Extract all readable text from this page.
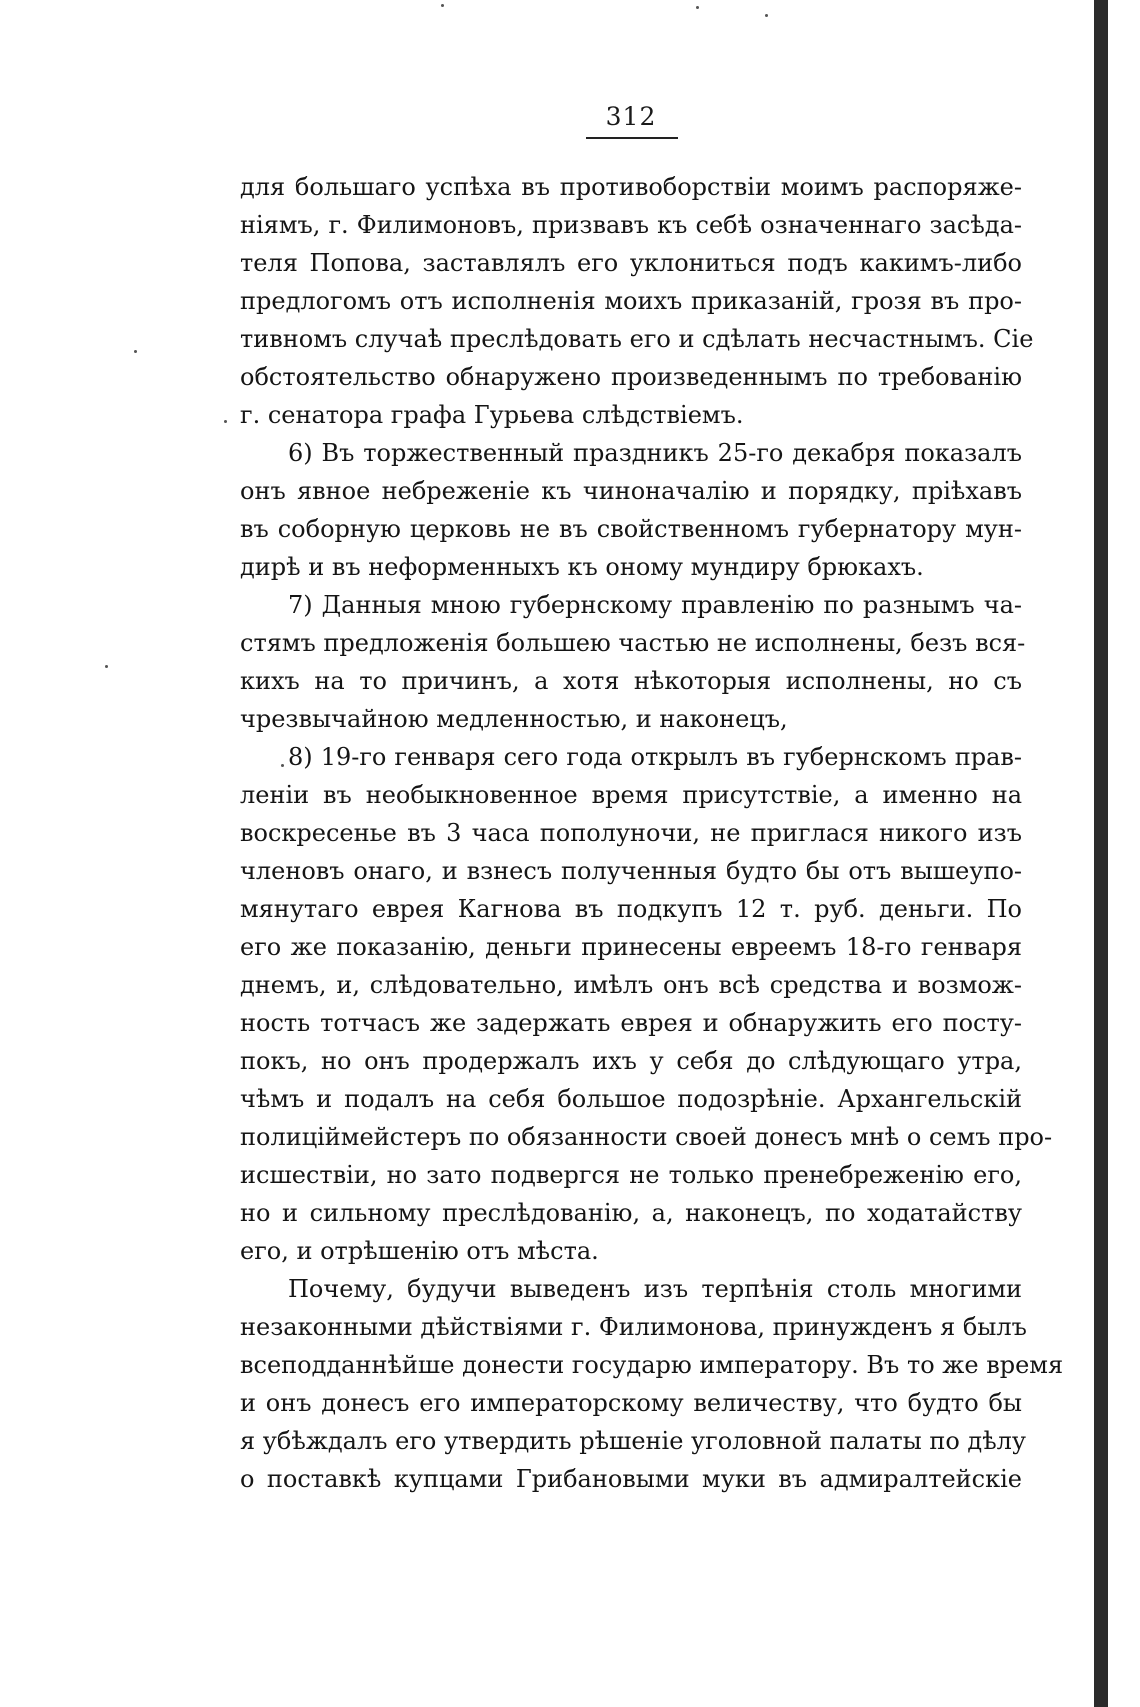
312

для большаго успѣха въ противоборствіи моимъ распоряже-
ніямъ, г. Филимоновъ, призвавъ къ себѣ означеннаго засѣда-
теля Попова, заставлялъ его уклониться подъ какимъ-либо
предлогомъ отъ исполненія моихъ приказаній, грозя въ про-
тивномъ случаѣ преслѣдовать его и сдѣлать несчастнымъ. Сіе
обстоятельство обнаружено произведеннымъ по требованію
г. сенатора графа Гурьева слѣдствіемъ.

6) Въ торжественный праздникъ 25-го декабря показалъ
онъ явное небреженіе къ чиноначалію и порядку, пріѣхавъ
въ соборную церковь не въ свойственномъ губернатору мун-
дирѣ и въ неформенныхъ къ оному мундиру брюкахъ.

7) Данныя мною губернскому правленію по разнымъ ча-
стямъ предложенія большею частью не исполнены, безъ вся-
кихъ на то причинъ, а хотя нѣкоторыя исполнены, но съ
чрезвычайною медленностью, и наконецъ,

8) 19-го генваря сего года открылъ въ губернскомъ прав-
леніи въ необыкновенное время присутствіе, а именно на
воскресенье въ 3 часа пополуночи, не приглася никого изъ
членовъ онаго, и взнесъ полученныя будто бы отъ вышеупо-
мянутаго еврея Кагнова въ подкупъ 12 т. руб. деньги. По
его же показанію, деньги принесены евреемъ 18-го генваря
днемъ, и, слѣдовательно, имѣлъ онъ всѣ средства и возмож-
ность тотчасъ же задержать еврея и обнаружить его посту-
покъ, но онъ продержалъ ихъ у себя до слѣдующаго утра,
чѣмъ и подалъ на себя большое подозрѣніе. Архангельскій
полиціймейстеръ по обязанности своей донесъ мнѣ о семъ про-
исшествіи, но зато подвергся не только пренебреженію его,
но и сильному преслѣдованію, а, наконецъ, по ходатайству
его, и отрѣшенію отъ мѣста.

Почему, будучи выведенъ изъ терпѣнія столь многими
незаконными дѣйствіями г. Филимонова, принужденъ я былъ
всеподданнѣйше донести государю императору. Въ то же время
и онъ донесъ его императорскому величеству, что будто бы
я убѣждалъ его утвердить рѣшеніе уголовной палаты по дѣлу
о поставкѣ купцами Грибановыми муки въ адмиралтейскіе
